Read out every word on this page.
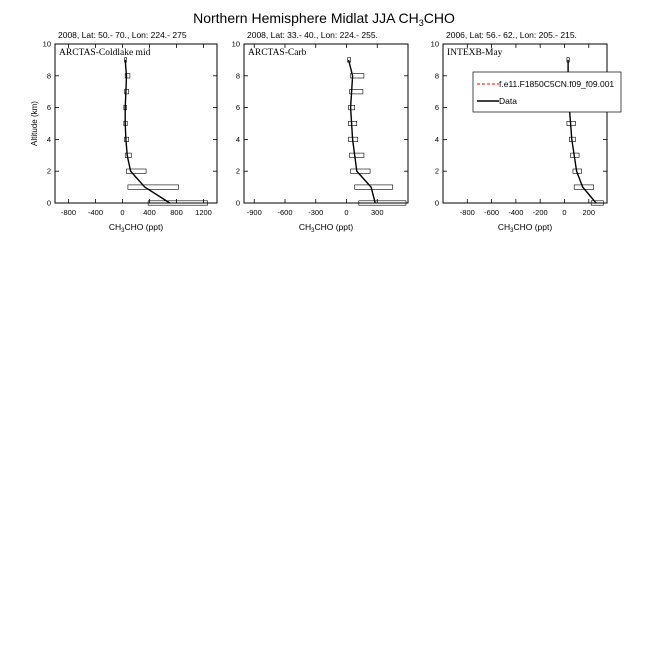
Northern Hemisphere Midlat JJA $CH_3CHO$
2008, Lat: 50.- 70., Lon: 224.- 275
-800 -400 0 400 800 1200
0
2
4
6
8
10
$CH_3CHO$ (ppt)
Altitude (km)
ARCTAS-Coldlake mid
2008, Lat: 33.- 40., Lon: 224.- 255.
-900 -600 -300	0	300
0
2
4
6
8
10
$CH_3CHO$ (ppt)
ARCTAS-Carb
2006, Lat: 56.- 62., Lon: 205.- 215.
-800 -600 -400 -200 0 200
0
2
4
6
8
10
$CH_3CHO$ (ppt)
INTEXB-May
f.e11.F1850C5CN.f09_f09.001
Data
